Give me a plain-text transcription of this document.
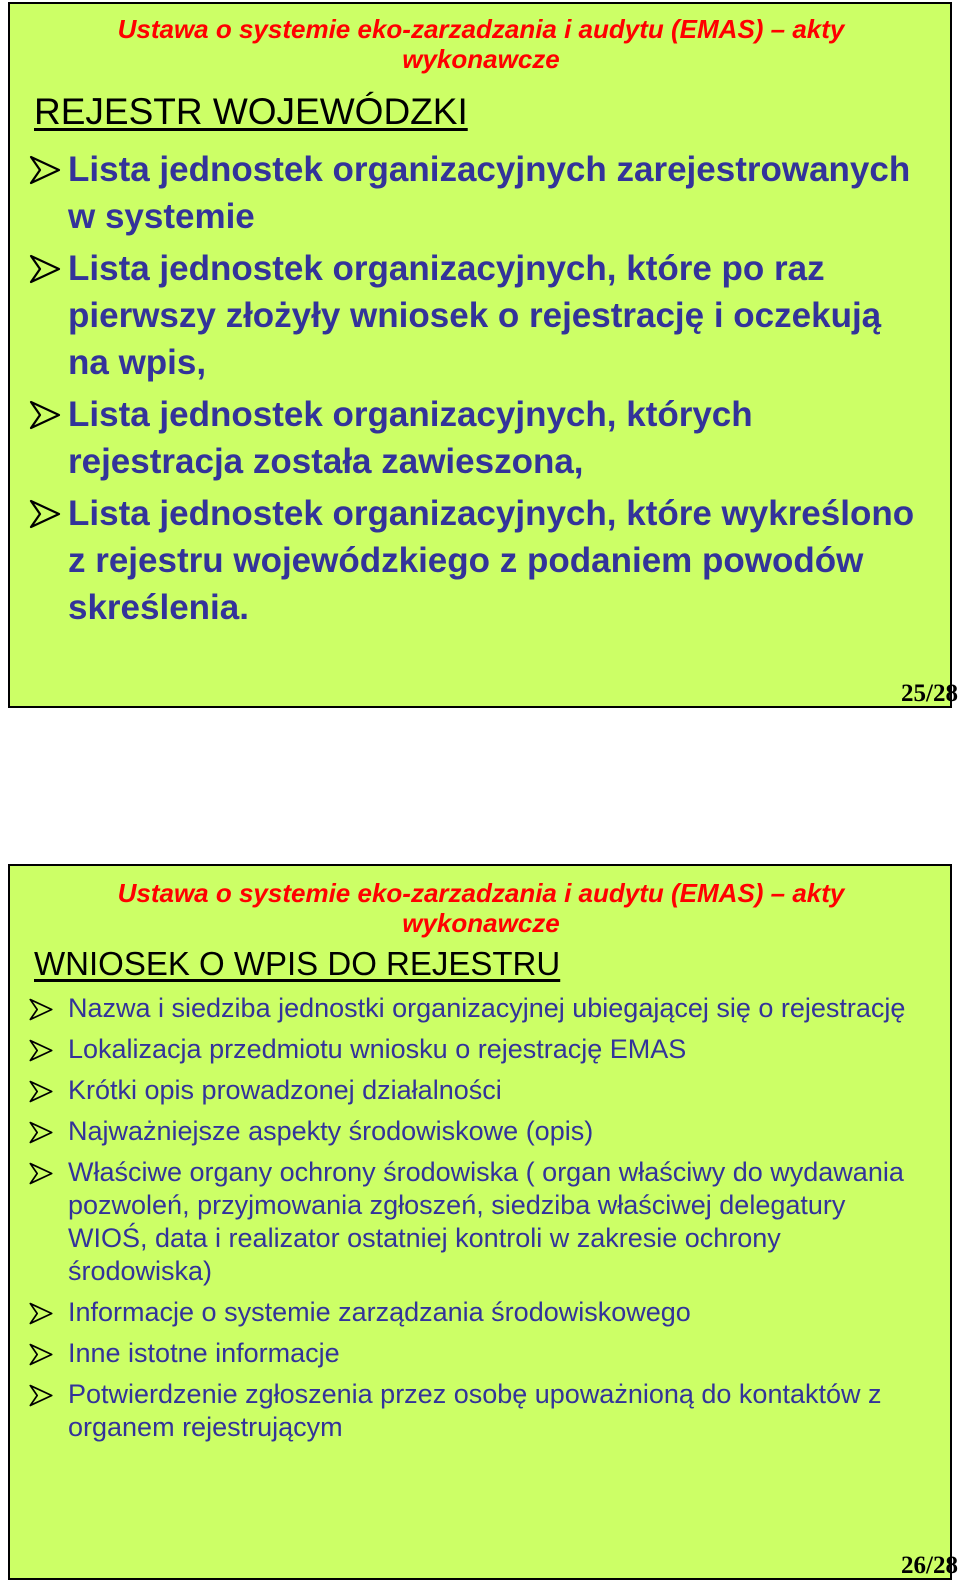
Ustawa o systemie eko-zarzadzania i audytu (EMAS) – akty wykonawcze
REJESTR WOJEWÓDZKI
Lista jednostek organizacyjnych zarejestrowanych w systemie
Lista jednostek organizacyjnych, które po raz pierwszy złożyły wniosek o rejestrację i oczekują na wpis,
Lista jednostek organizacyjnych, których rejestracja została zawieszona,
Lista jednostek organizacyjnych, które wykreślono z rejestru wojewódzkiego z podaniem powodów skreślenia.
25/28
Ustawa o systemie eko-zarzadzania i audytu (EMAS) – akty wykonawcze
WNIOSEK O WPIS DO REJESTRU
Nazwa i siedziba jednostki organizacyjnej ubiegającej się o rejestrację
Lokalizacja przedmiotu wniosku o rejestrację EMAS
Krótki opis prowadzonej działalności
Najważniejsze aspekty środowiskowe (opis)
Właściwe organy ochrony środowiska ( organ właściwy do wydawania pozwoleń, przyjmowania zgłoszeń, siedziba właściwej delegatury WIOŚ, data i realizator ostatniej kontroli w zakresie ochrony środowiska)
Informacje o systemie zarządzania środowiskowego
Inne istotne informacje
Potwierdzenie zgłoszenia przez osobę upoważnioną do kontaktów z organem rejestrującym
26/28
